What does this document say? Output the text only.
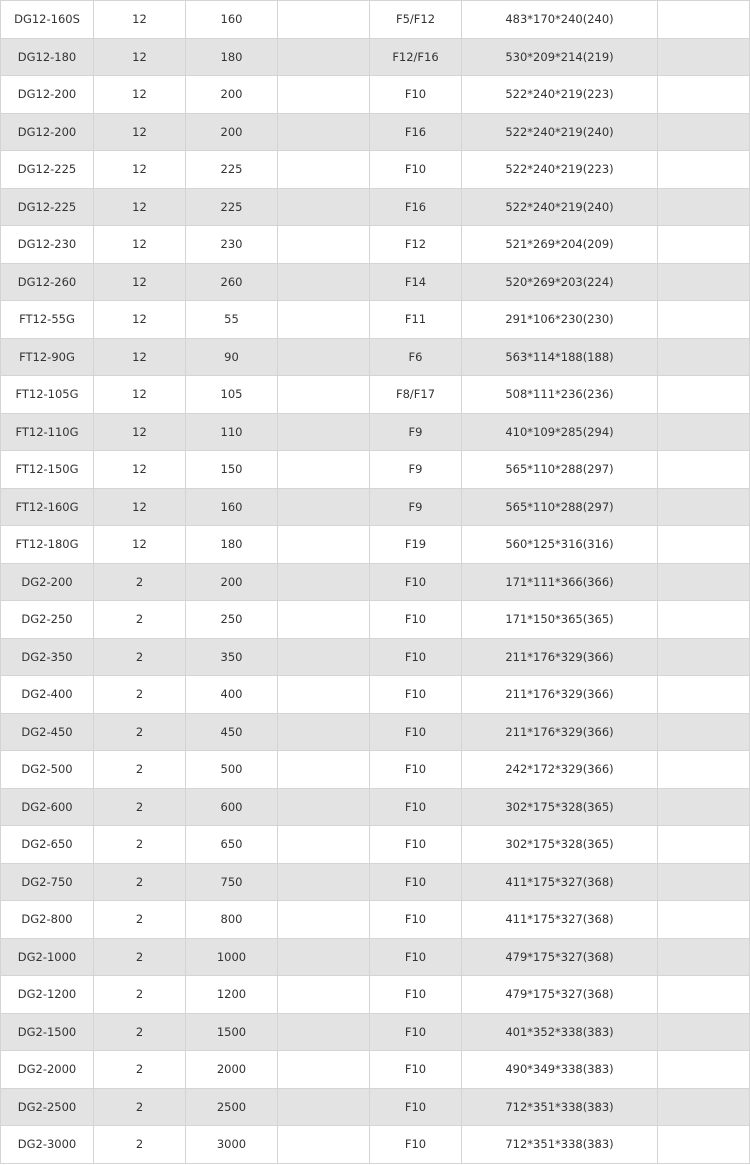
DG12-160S	12	160		F5/F12	483*170*240(240)	
DG12-180	12	180		F12/F16	530*209*214(219)	
DG12-200	12	200		F10	522*240*219(223)	
DG12-200	12	200		F16	522*240*219(240)	
DG12-225	12	225		F10	522*240*219(223)	
DG12-225	12	225		F16	522*240*219(240)	
DG12-230	12	230		F12	521*269*204(209)	
DG12-260	12	260		F14	520*269*203(224)	
FT12-55G	12	55		F11	291*106*230(230)	
FT12-90G	12	90		F6	563*114*188(188)	
FT12-105G	12	105		F8/F17	508*111*236(236)	
FT12-110G	12	110		F9	410*109*285(294)	
FT12-150G	12	150		F9	565*110*288(297)	
FT12-160G	12	160		F9	565*110*288(297)	
FT12-180G	12	180		F19	560*125*316(316)	
DG2-200	2	200		F10	171*111*366(366)	
DG2-250	2	250		F10	171*150*365(365)	
DG2-350	2	350		F10	211*176*329(366)	
DG2-400	2	400		F10	211*176*329(366)	
DG2-450	2	450		F10	211*176*329(366)	
DG2-500	2	500		F10	242*172*329(366)	
DG2-600	2	600		F10	302*175*328(365)	
DG2-650	2	650		F10	302*175*328(365)	
DG2-750	2	750		F10	411*175*327(368)	
DG2-800	2	800		F10	411*175*327(368)	
DG2-1000	2	1000		F10	479*175*327(368)	
DG2-1200	2	1200		F10	479*175*327(368)	
DG2-1500	2	1500		F10	401*352*338(383)	
DG2-2000	2	2000		F10	490*349*338(383)	
DG2-2500	2	2500		F10	712*351*338(383)	
DG2-3000	2	3000		F10	712*351*338(383)	
